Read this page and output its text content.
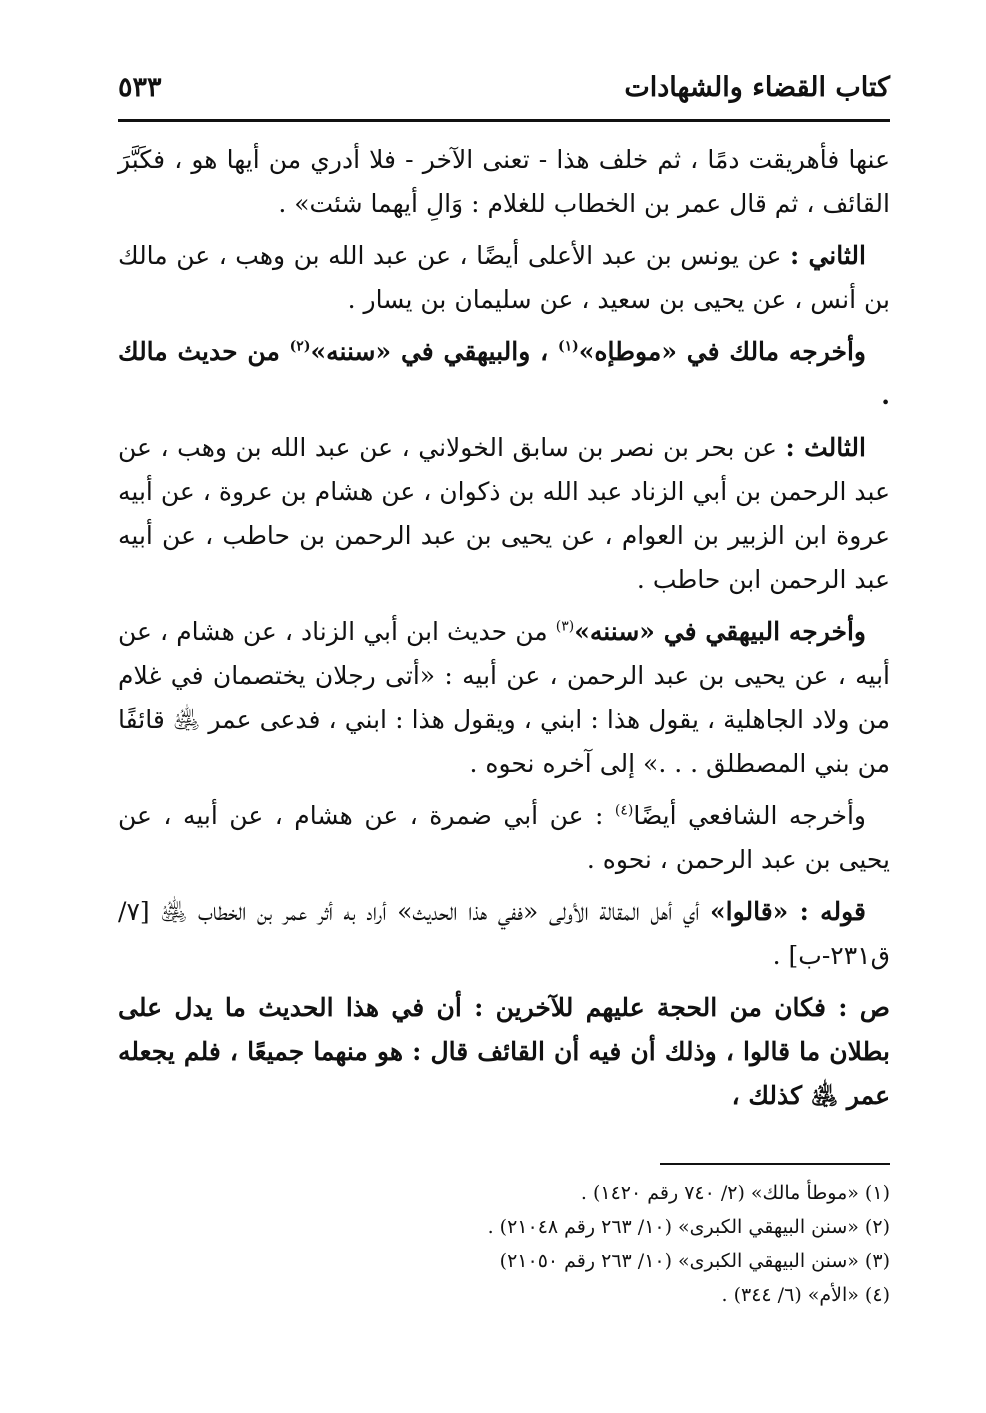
كتاب القضاء والشهادات
٥٣٣

عنها فأهريقت دمًا ، ثم خلف هذا - تعنى الآخر - فلا أدري من أيها هو ، فكَبَّرَ القائف ، ثم قال عمر بن الخطاب للغلام : وَالِ أيهما شئت» .

الثاني : عن يونس بن عبد الأعلى أيضًا ، عن عبد الله بن وهب ، عن مالك بن أنس ، عن يحيى بن سعيد ، عن سليمان بن يسار .

وأخرجه مالك في «موطإه»$^{(١)}$ ، والبيهقي في «سننه»$^{(٢)}$ من حديث مالك .

الثالث : عن بحر بن نصر بن سابق الخولاني ، عن عبد الله بن وهب ، عن عبد الرحمن بن أبي الزناد عبد الله بن ذكوان ، عن هشام بن عروة ، عن أبيه عروة ابن الزبير بن العوام ، عن يحيى بن عبد الرحمن بن حاطب ، عن أبيه عبد الرحمن ابن حاطب .

وأخرجه البيهقي في «سننه»$^{(٣)}$ من حديث ابن أبي الزناد ، عن هشام ، عن أبيه ، عن يحيى بن عبد الرحمن ، عن أبيه : «أتى رجلان يختصمان في غلام من ولاد الجاهلية ، يقول هذا : ابني ، ويقول هذا : ابني ، فدعى عمر ﵁ قائفًا من بني المصطلق . . .» إلى آخره نحوه .

وأخرجه الشافعي أيضًا$^{(٤)}$ : عن أبي ضمرة ، عن هشام ، عن أبيه ، عن يحيى بن عبد الرحمن ، نحوه .

قوله : «قالوا» أي أهل المقالة الأولى «ففي هذا الحديث» أراد به أثر عمر بن الخطاب ﵁ [٧/ ق٢٣١-ب] .

ص : فكان من الحجة عليهم للآخرين : أن في هذا الحديث ما يدل على بطلان ما قالوا ، وذلك أن فيه أن القائف قال : هو منهما جميعًا ، فلم يجعله عمر ﵁ كذلك ،

(١) «موطأ مالك» (٢/ ٧٤٠ رقم ١٤٢٠) .
(٢) «سنن البيهقي الكبرى» (١٠/ ٢٦٣ رقم ٢١٠٤٨) .
(٣) «سنن البيهقي الكبرى» (١٠/ ٢٦٣ رقم ٢١٠٥٠)
(٤) «الأم» (٦/ ٣٤٤) .
